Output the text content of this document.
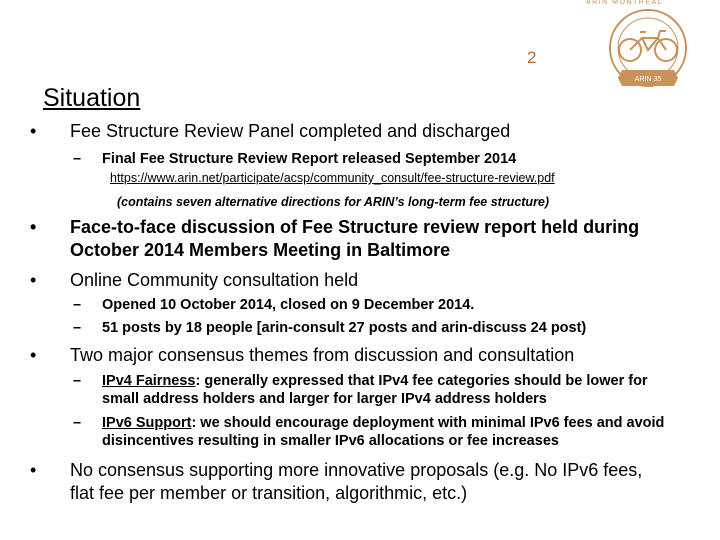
2
ARIN MONTREAL
ARIN 35
Situation
• Fee Structure Review Panel completed and discharged
– Final Fee Structure Review Report released September 2014
https://www.arin.net/participate/acsp/community_consult/fee-structure-review.pdf
(contains seven alternative directions for ARIN’s long-term fee structure)
• Face-to-face discussion of Fee Structure review report held during October 2014 Members Meeting in Baltimore
• Online Community consultation held
– Opened 10 October 2014, closed on 9 December 2014.
– 51 posts by 18 people [arin-consult 27 posts and arin-discuss 24 post)
• Two major consensus themes from discussion and consultation
– IPv4 Fairness: generally expressed that IPv4 fee categories should be lower for small address holders and larger for larger IPv4 address holders
– IPv6 Support: we should encourage deployment with minimal IPv6 fees and avoid disincentives resulting in smaller IPv6 allocations or fee increases
• No consensus supporting more innovative proposals (e.g. No IPv6 fees, flat fee per member or transition, algorithmic, etc.)
